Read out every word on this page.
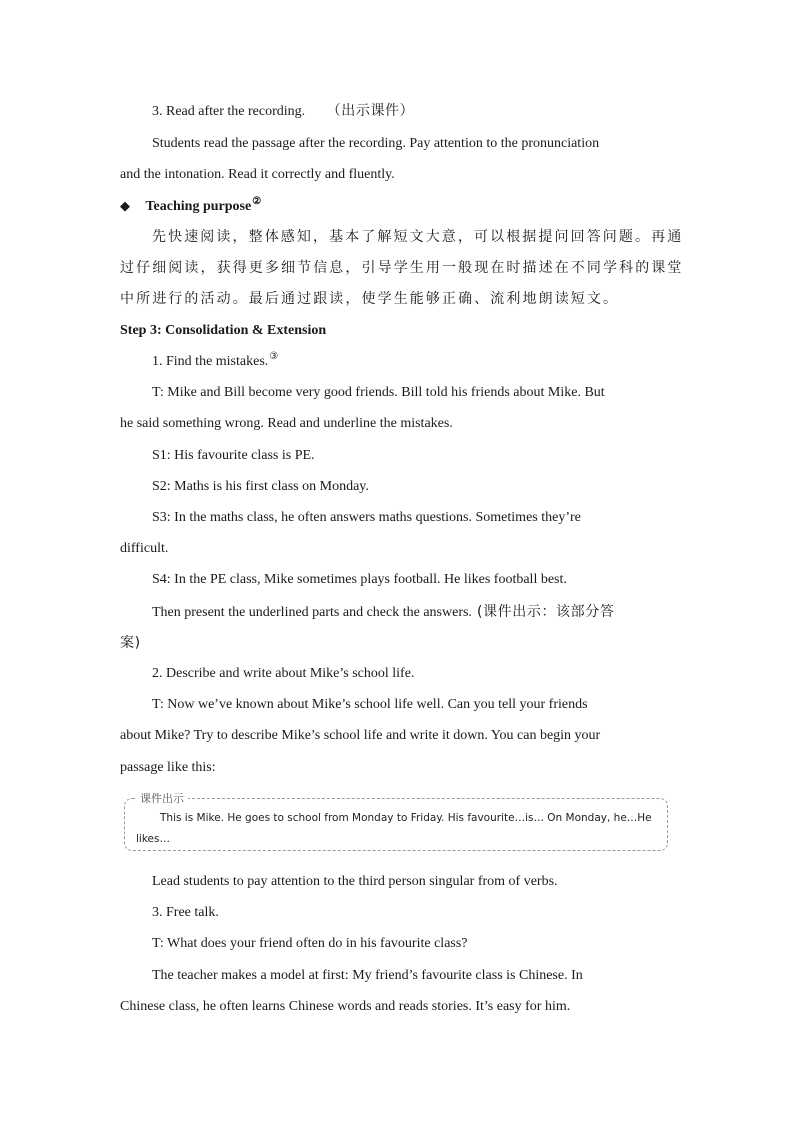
3. Read after the recording. （出示课件）
Students read the passage after the recording. Pay attention to the pronunciation
and the intonation. Read it correctly and fluently.
◆ Teaching purpose②
先快速阅读，整体感知，基本了解短文大意，可以根据提问回答问题。再通
过仔细阅读，获得更多细节信息，引导学生用一般现在时描述在不同学科的课堂
中所进行的活动。最后通过跟读，使学生能够正确、流利地朗读短文。
Step 3: Consolidation & Extension
1. Find the mistakes.③
T: Mike and Bill become very good friends. Bill told his friends about Mike. But
he said something wrong. Read and underline the mistakes.
S1: His favourite class is PE.
S2: Maths is his first class on Monday.
S3: In the maths class, he often answers maths questions. Sometimes they’re
difficult.
S4: In the PE class, Mike sometimes plays football. He likes football best.
Then present the underlined parts and check the answers. (课件出示：该部分答
案)
2. Describe and write about Mike’s school life.
T: Now we’ve known about Mike’s school life well. Can you tell your friends
about Mike? Try to describe Mike’s school life and write it down. You can begin your
passage like this:
课件出示
This is Mike. He goes to school from Monday to Friday. His favourite…is… On Monday, he…He likes…
Lead students to pay attention to the third person singular from of verbs.
3. Free talk.
T: What does your friend often do in his favourite class?
The teacher makes a model at first: My friend’s favourite class is Chinese. In
Chinese class, he often learns Chinese words and reads stories. It’s easy for him.
